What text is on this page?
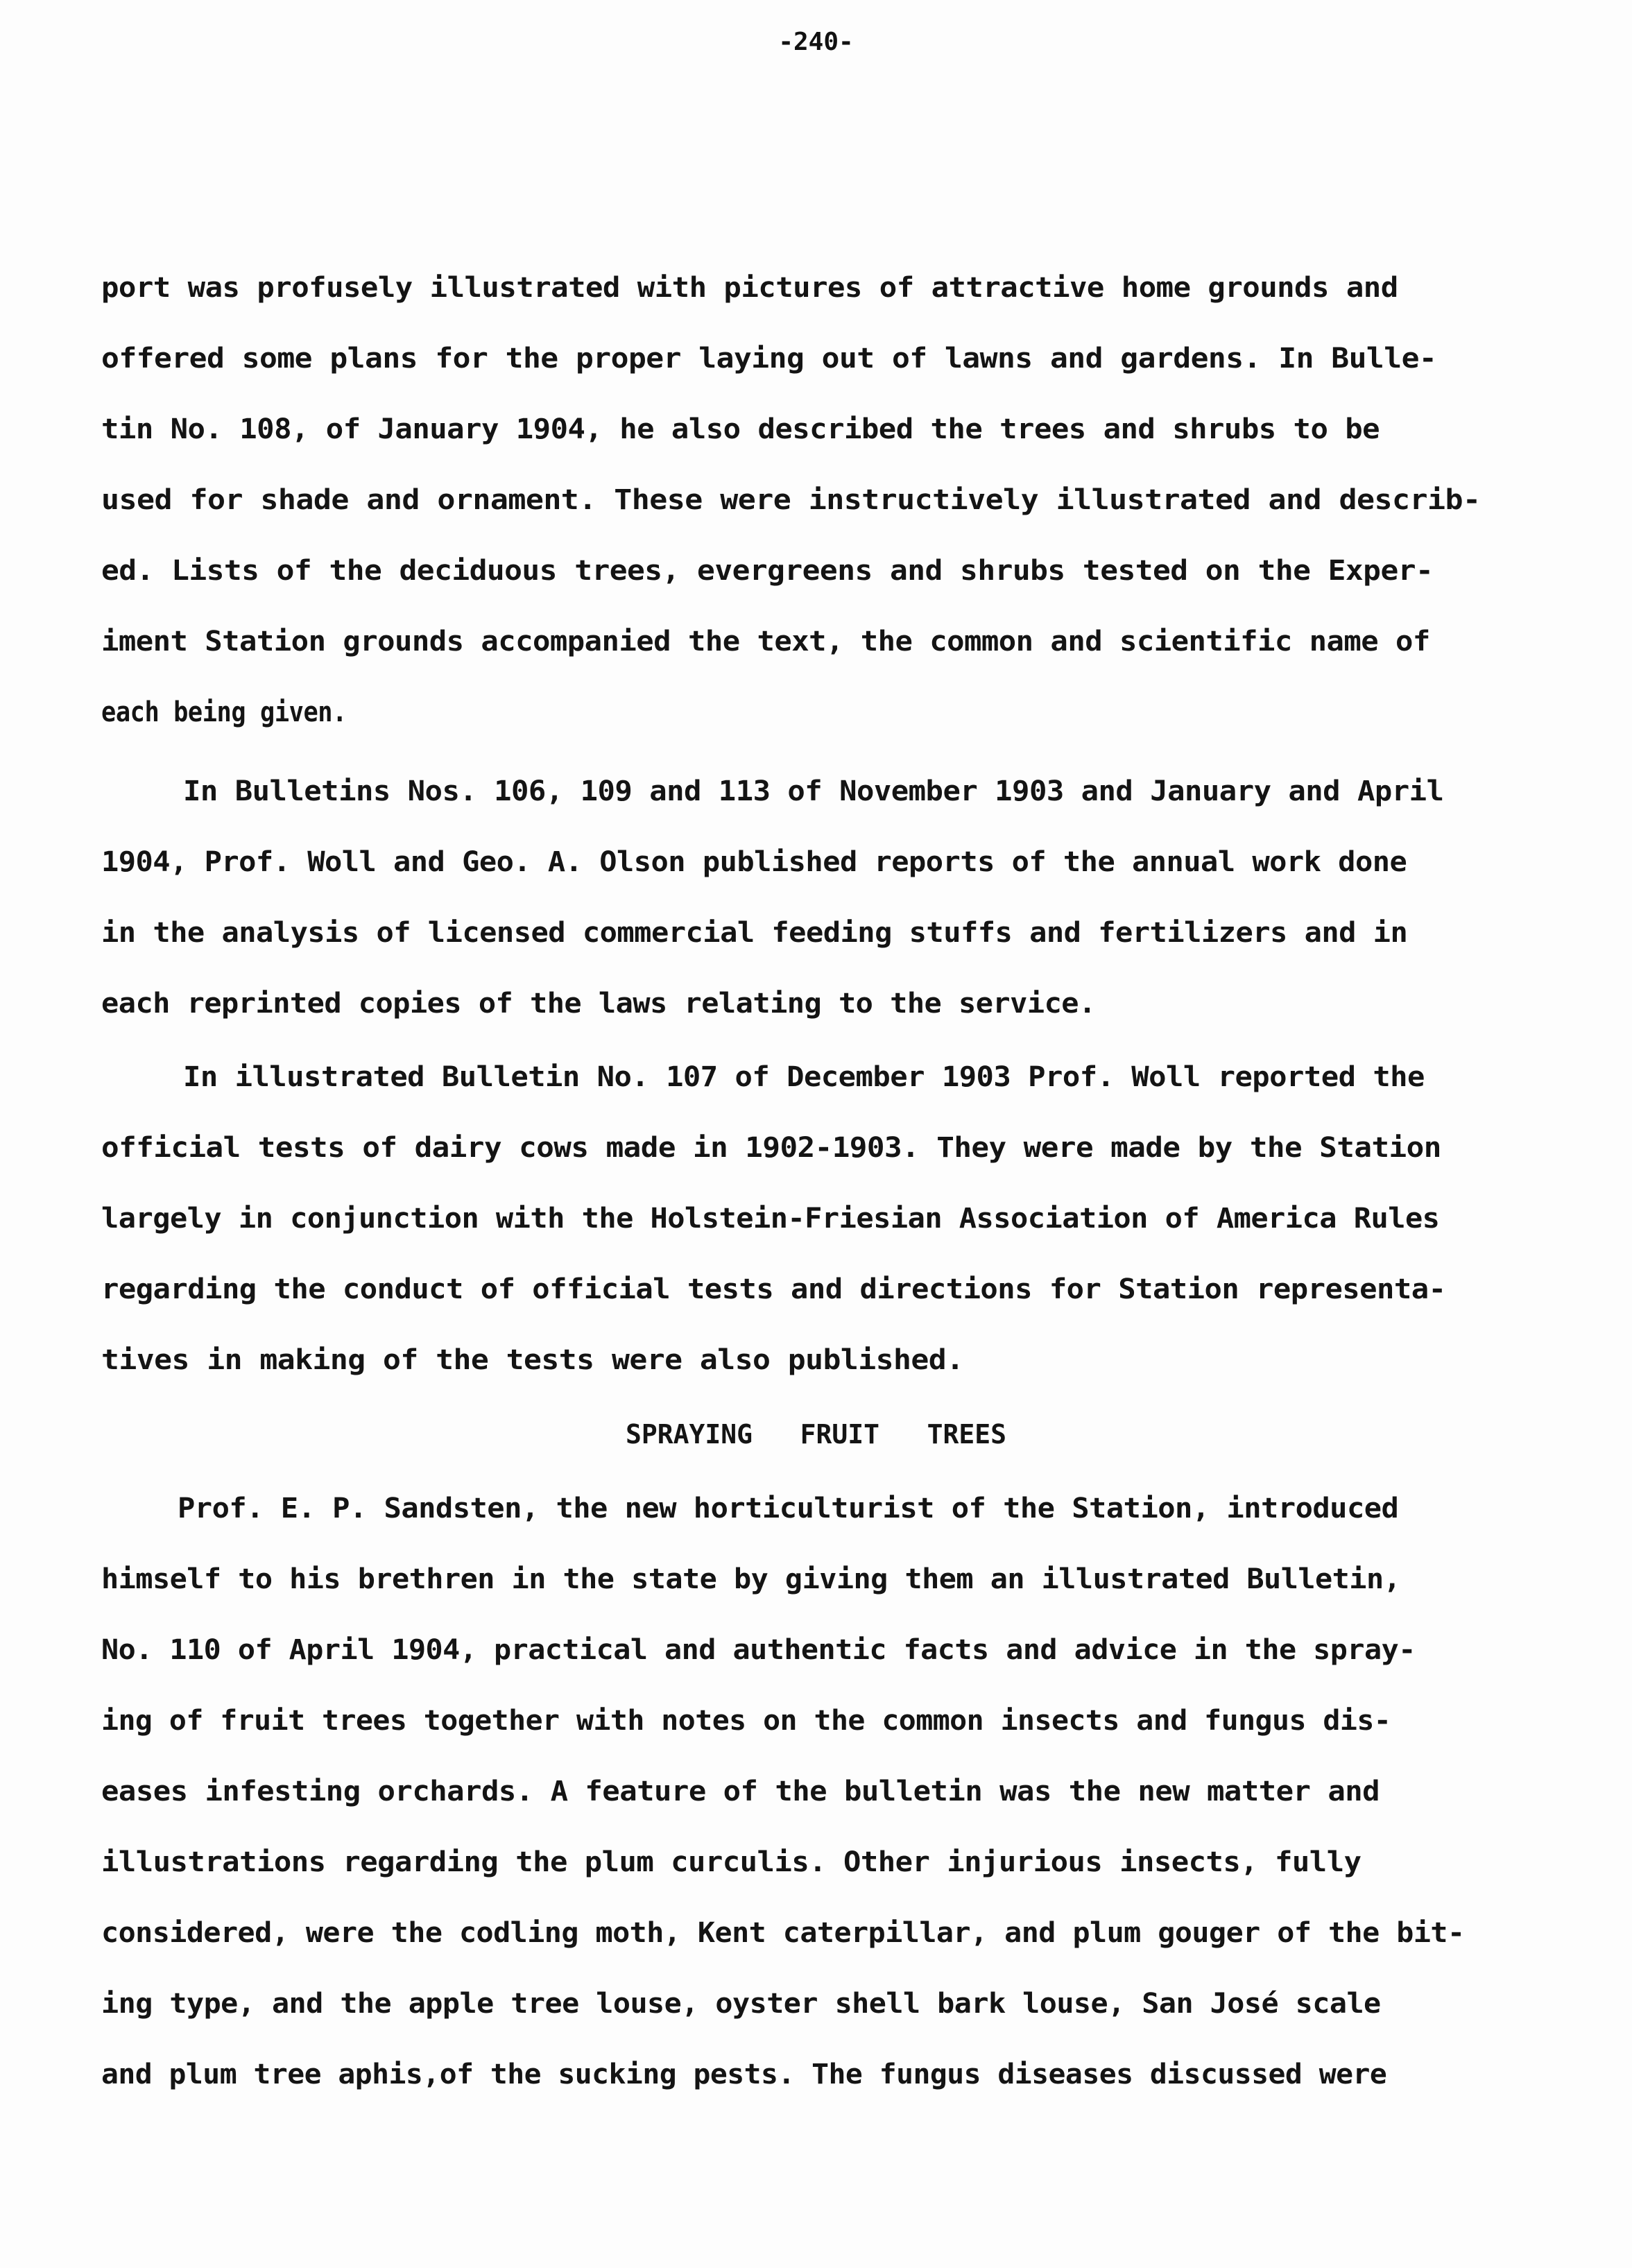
-240-
port was profusely illustrated with pictures of attractive home grounds and
offered some plans for the proper laying out of lawns and gardens. In Bulle-
tin No. 108, of January 1904, he also described the trees and shrubs to be
used for shade and ornament. These were instructively illustrated and describ-
ed. Lists of the deciduous trees, evergreens and shrubs tested on the Exper-
iment Station grounds accompanied the text, the common and scientific name of
each being given.
In Bulletins Nos. 106, 109 and 113 of November 1903 and January and April
1904, Prof. Woll and Geo. A. Olson published reports of the annual work done
in the analysis of licensed commercial feeding stuffs and fertilizers and in
each reprinted copies of the laws relating to the service.
In illustrated Bulletin No. 107 of December 1903 Prof. Woll reported the
official tests of dairy cows made in 1902-1903. They were made by the Station
largely in conjunction with the Holstein-Friesian Association of America Rules
regarding the conduct of official tests and directions for Station representa-
tives in making of the tests were also published.
SPRAYING   FRUIT   TREES
Prof. E. P. Sandsten, the new horticulturist of the Station, introduced
himself to his brethren in the state by giving them an illustrated Bulletin,
No. 110 of April 1904, practical and authentic facts and advice in the spray-
ing of fruit trees together with notes on the common insects and fungus dis-
eases infesting orchards. A feature of the bulletin was the new matter and
illustrations regarding the plum curculis. Other injurious insects, fully
considered, were the codling moth, Kent caterpillar, and plum gouger of the bit-
ing type, and the apple tree louse, oyster shell bark louse, San José scale
and plum tree aphis,of the sucking pests. The fungus diseases discussed were
